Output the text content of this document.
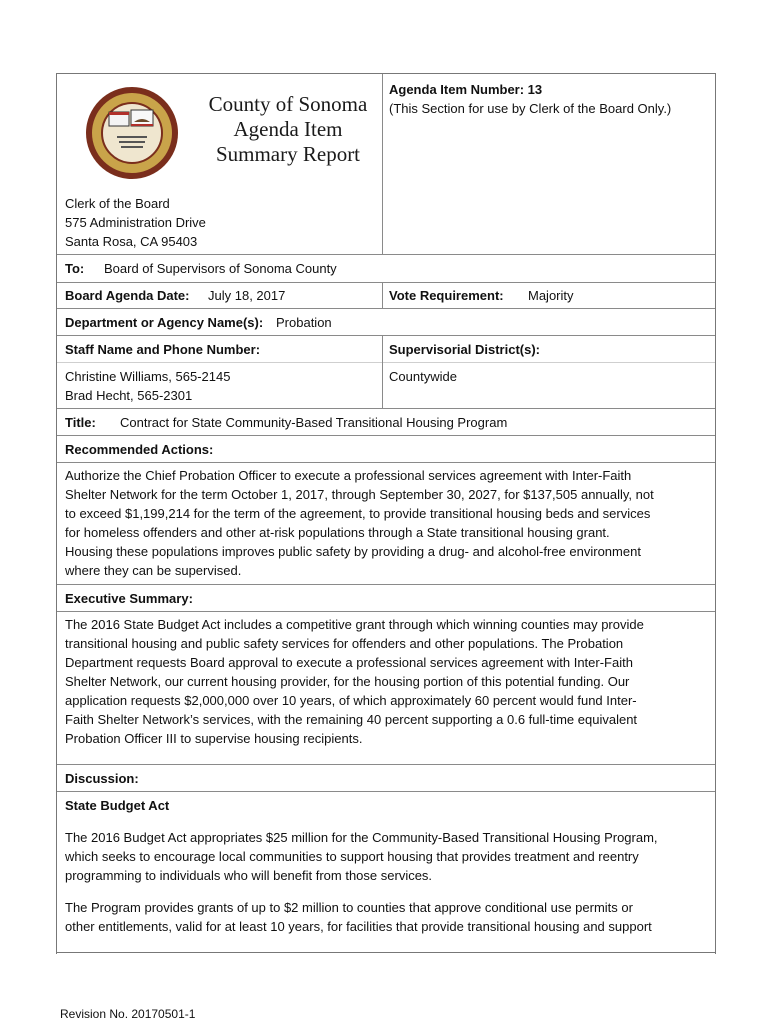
County of Sonoma
Agenda Item
Summary Report
Clerk of the Board
575 Administration Drive
Santa Rosa, CA 95403
Agenda Item Number: 13
(This Section for use by Clerk of the Board Only.)
To: Board of Supervisors of Sonoma County
Board Agenda Date: July 18, 2017	Vote Requirement: Majority
Department or Agency Name(s): Probation
Staff Name and Phone Number:	Supervisorial District(s):
Christine Williams, 565-2145
Brad Hecht, 565-2301
Countywide
Title: Contract for State Community-Based Transitional Housing Program
Recommended Actions:
Authorize the Chief Probation Officer to execute a professional services agreement with Inter-Faith
Shelter Network for the term October 1, 2017, through September 30, 2027, for $137,505 annually, not
to exceed $1,199,214 for the term of the agreement, to provide transitional housing beds and services
for homeless offenders and other at-risk populations through a State transitional housing grant.
Housing these populations improves public safety by providing a drug- and alcohol-free environment
where they can be supervised.
Executive Summary:
The 2016 State Budget Act includes a competitive grant through which winning counties may provide
transitional housing and public safety services for offenders and other populations. The Probation
Department requests Board approval to execute a professional services agreement with Inter-Faith
Shelter Network, our current housing provider, for the housing portion of this potential funding. Our
application requests $2,000,000 over 10 years, of which approximately 60 percent would fund Inter-
Faith Shelter Network’s services, with the remaining 40 percent supporting a 0.6 full-time equivalent
Probation Officer III to supervise housing recipients.
Discussion:
State Budget Act
The 2016 Budget Act appropriates $25 million for the Community-Based Transitional Housing Program,
which seeks to encourage local communities to support housing that provides treatment and reentry
programming to individuals who will benefit from those services.
The Program provides grants of up to $2 million to counties that approve conditional use permits or
other entitlements, valid for at least 10 years, for facilities that provide transitional housing and support
Revision No. 20170501-1
